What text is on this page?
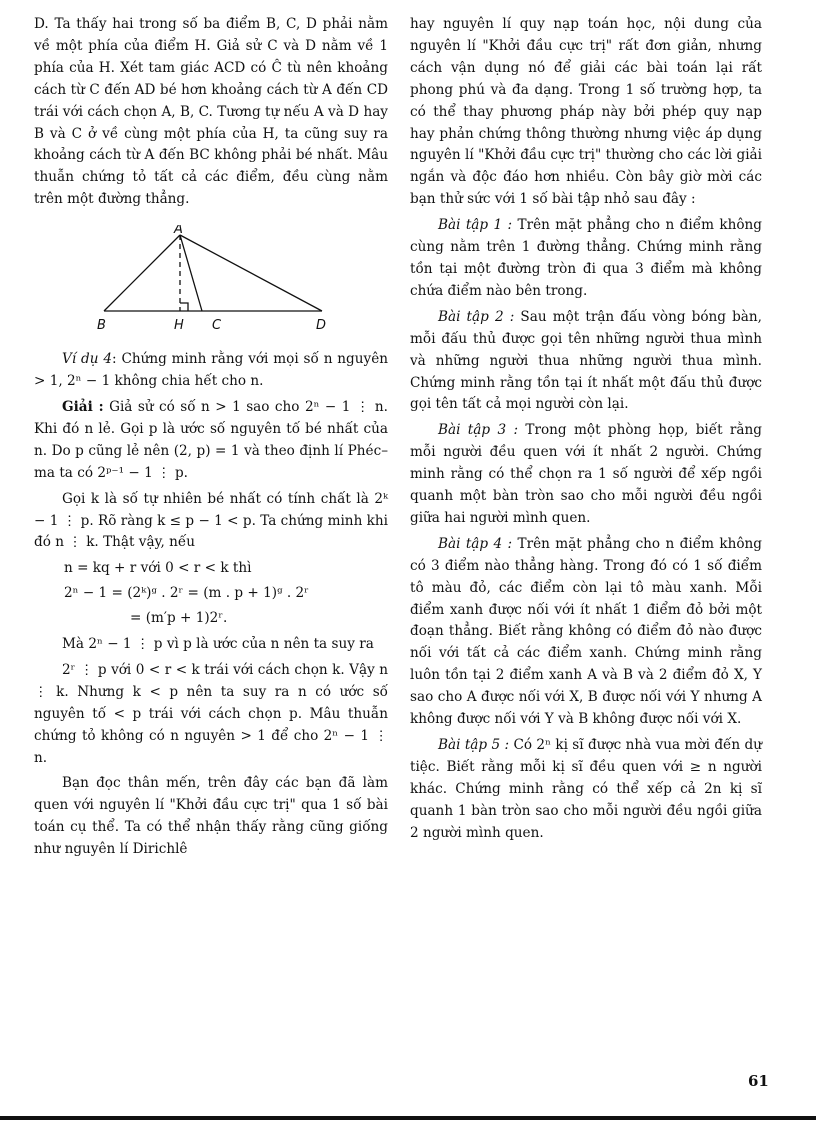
D. Ta thấy hai trong số ba điểm B, C, D phải nằm về một phía của điểm H. Giả sử C và D nằm về 1 phía của H. Xét tam giác ACD có Ĉ tù nên khoảng cách từ C đến AD bé hơn khoảng cách từ A đến CD trái với cách chọn A, B, C. Tương tự nếu A và D hay B và C ở về cùng một phía của H, ta cũng suy ra khoảng cách từ A đến BC không phải bé nhất. Mâu thuẫn chứng tỏ tất cả các điểm, đều cùng nằm trên một đường thẳng.

A
B	H C	D

Ví dụ 4: Chứng minh rằng với mọi số n nguyên > 1, 2ⁿ − 1 không chia hết cho n.

Giải : Giả sử có số n > 1 sao cho 2ⁿ − 1 ⋮ n. Khi đó n lẻ. Gọi p là ước số nguyên tố bé nhất của n. Do p cũng lẻ nên (2, p) = 1 và theo định lí Phéc–ma ta có 2ᵖ⁻¹ − 1 ⋮ p.

Gọi k là số tự nhiên bé nhất có tính chất là 2ᵏ − 1 ⋮ p. Rõ ràng k ≤ p − 1 < p. Ta chứng minh khi đó n ⋮ k. Thật vậy, nếu

n = kq + r với 0 < r < k thì

2ⁿ − 1 = (2ᵏ)ᵍ . 2ʳ = (m . p + 1)ᵍ . 2ʳ

= (m′p + 1)2ʳ.

Mà 2ⁿ − 1 ⋮ p vì p là ước của n nên ta suy ra

2ʳ ⋮ p với 0 < r < k trái với cách chọn k. Vậy n ⋮ k. Nhưng k < p nên ta suy ra n có ước số nguyên tố < p trái với cách chọn p. Mâu thuẫn chứng tỏ không có n nguyên > 1 để cho 2ⁿ − 1 ⋮ n.

Bạn đọc thân mến, trên đây các bạn đã làm quen với nguyên lí "Khởi đầu cực trị" qua 1 số bài toán cụ thể. Ta có thể nhận thấy rằng cũng giống như nguyên lí Dirichlê

hay nguyên lí quy nạp toán học, nội dung của nguyên lí "Khởi đầu cực trị" rất đơn giản, nhưng cách vận dụng nó để giải các bài toán lại rất phong phú và đa dạng. Trong 1 số trường hợp, ta có thể thay phương pháp này bởi phép quy nạp hay phản chứng thông thường nhưng việc áp dụng nguyên lí "Khởi đầu cực trị" thường cho các lời giải ngắn và độc đáo hơn nhiều. Còn bây giờ mời các bạn thử sức với 1 số bài tập nhỏ sau đây :

Bài tập 1 : Trên mặt phẳng cho n điểm không cùng nằm trên 1 đường thẳng. Chứng minh rằng tồn tại một đường tròn đi qua 3 điểm mà không chứa điểm nào bên trong.

Bài tập 2 : Sau một trận đấu vòng bóng bàn, mỗi đấu thủ được gọi tên những người thua mình và những người thua những người thua mình. Chứng minh rằng tồn tại ít nhất một đấu thủ được gọi tên tất cả mọi người còn lại.

Bài tập 3 : Trong một phòng họp, biết rằng mỗi người đều quen với ít nhất 2 người. Chứng minh rằng có thể chọn ra 1 số người để xếp ngồi quanh một bàn tròn sao cho mỗi người đều ngồi giữa hai người mình quen.

Bài tập 4 : Trên mặt phẳng cho n điểm không có 3 điểm nào thẳng hàng. Trong đó có 1 số điểm tô màu đỏ, các điểm còn lại tô màu xanh. Mỗi điểm xanh được nối với ít nhất 1 điểm đỏ bởi một đoạn thẳng. Biết rằng không có điểm đỏ nào được nối với tất cả các điểm xanh. Chứng minh rằng luôn tồn tại 2 điểm xanh A và B và 2 điểm đỏ X, Y sao cho A được nối với X, B được nối với Y nhưng A không được nối với Y và B không được nối với X.

Bài tập 5 : Có 2ⁿ kị sĩ được nhà vua mời đến dự tiệc. Biết rằng mỗi kị sĩ đều quen với ≥ n người khác. Chứng minh rằng có thể xếp cả 2n kị sĩ quanh 1 bàn tròn sao cho mỗi người đều ngồi giữa 2 người mình quen.

61
